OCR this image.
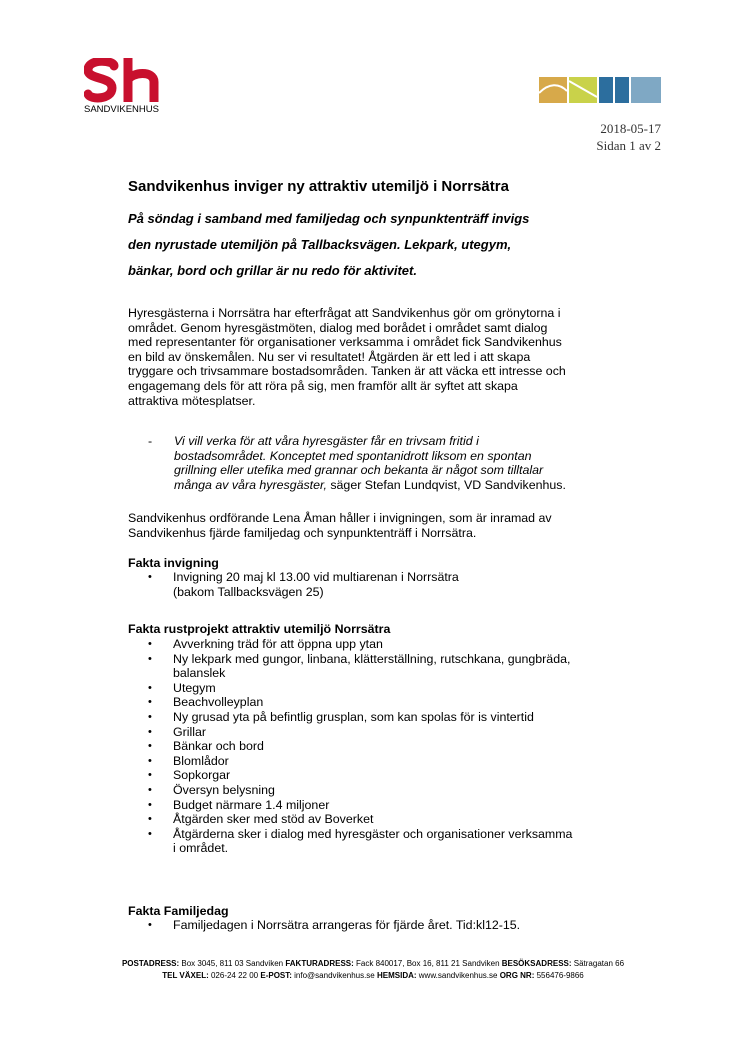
SANDVIKENHUS
2018-05-17
Sidan 1 av 2
Sandvikenhus inviger ny attraktiv utemiljö i Norrsätra
På söndag i samband med familjedag och synpunktenträff invigs
den nyrustade utemiljön på Tallbacksvägen. Lekpark, utegym,
bänkar, bord och grillar är nu redo för aktivitet.
Hyresgästerna i Norrsätra har efterfrågat att Sandvikenhus gör om grönytorna i
området. Genom hyresgästmöten, dialog med borådet i området samt dialog
med representanter för organisationer verksamma i området fick Sandvikenhus
en bild av önskemålen. Nu ser vi resultatet! Åtgärden är ett led i att skapa
tryggare och trivsammare bostadsområden. Tanken är att väcka ett intresse och
engagemang dels för att röra på sig, men framför allt är syftet att skapa
attraktiva mötesplatser.
- Vi vill verka för att våra hyresgäster får en trivsam fritid i
bostadsområdet. Konceptet med spontanidrott liksom en spontan
grillning eller utefika med grannar och bekanta är något som tilltalar
många av våra hyresgäster, säger Stefan Lundqvist, VD Sandvikenhus.
Sandvikenhus ordförande Lena Åman håller i invigningen, som är inramad av
Sandvikenhus fjärde familjedag och synpunktenträff i Norrsätra.
Fakta invigning
• Invigning 20 maj kl 13.00 vid multiarenan i Norrsätra
(bakom Tallbacksvägen 25)
Fakta rustprojekt attraktiv utemiljö Norrsätra
• Avverkning träd för att öppna upp ytan
• Ny lekpark med gungor, linbana, klätterställning, rutschkana, gungbräda,
balanslek
• Utegym
• Beachvolleyplan
• Ny grusad yta på befintlig grusplan, som kan spolas för is vintertid
• Grillar
• Bänkar och bord
• Blomlådor
• Sopkorgar
• Översyn belysning
• Budget närmare 1.4 miljoner
• Åtgärden sker med stöd av Boverket
• Åtgärderna sker i dialog med hyresgäster och organisationer verksamma
i området.
Fakta Familjedag
• Familjedagen i Norrsätra arrangeras för fjärde året. Tid:kl12-15.
POSTADRESS: Box 3045, 811 03 Sandviken FAKTURADRESS: Fack 840017, Box 16, 811 21 Sandviken BESÖKSADRESS: Sätragatan 66
TEL VÄXEL: 026-24 22 00 E-POST: info@sandvikenhus.se HEMSIDA: www.sandvikenhus.se ORG NR: 556476-9866
